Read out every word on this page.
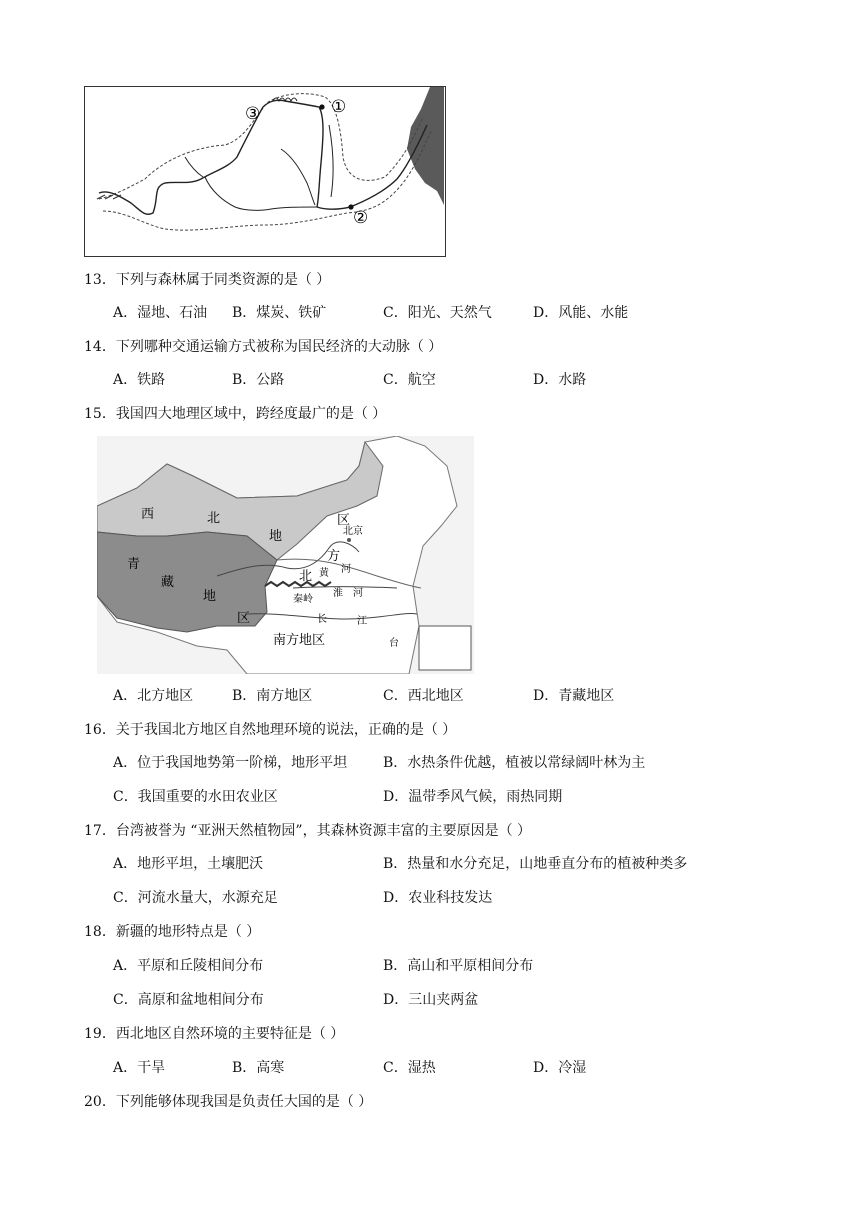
①
②
③
13．下列与森林属于同类资源的是（ ）
A．湿地、石油 B．煤炭、铁矿	C．阳光、天然气	D．风能、水能
14．下列哪种交通运输方式被称为国民经济的大动脉（ ）
A．铁路	B．公路	C．航空	D．水路
15．我国四大地理区域中，跨经度最广的是（ ）
西	北
地
区
青
藏
地
区
北
方
南方地区
北京
秦岭
黄 河
淮 河
长	江
台
A．北方地区	B．南方地区	C．西北地区	D．青藏地区
16．关于我国北方地区自然地理环境的说法，正确的是（ ）
A．位于我国地势第一阶梯，地形平坦	B．水热条件优越，植被以常绿阔叶林为主
C．我国重要的水田农业区	D．温带季风气候，雨热同期
17．台湾被誉为 “亚洲天然植物园”，其森林资源丰富的主要原因是（ ）
A．地形平坦，土壤肥沃	B．热量和水分充足，山地垂直分布的植被种类多
C．河流水量大，水源充足	D．农业科技发达
18．新疆的地形特点是（ ）
A．平原和丘陵相间分布	B．高山和平原相间分布
C．高原和盆地相间分布	D．三山夹两盆
19．西北地区自然环境的主要特征是（ ）
A．干旱	B．高寒	C．湿热	D．冷湿
20．下列能够体现我国是负责任大国的是（ ）
